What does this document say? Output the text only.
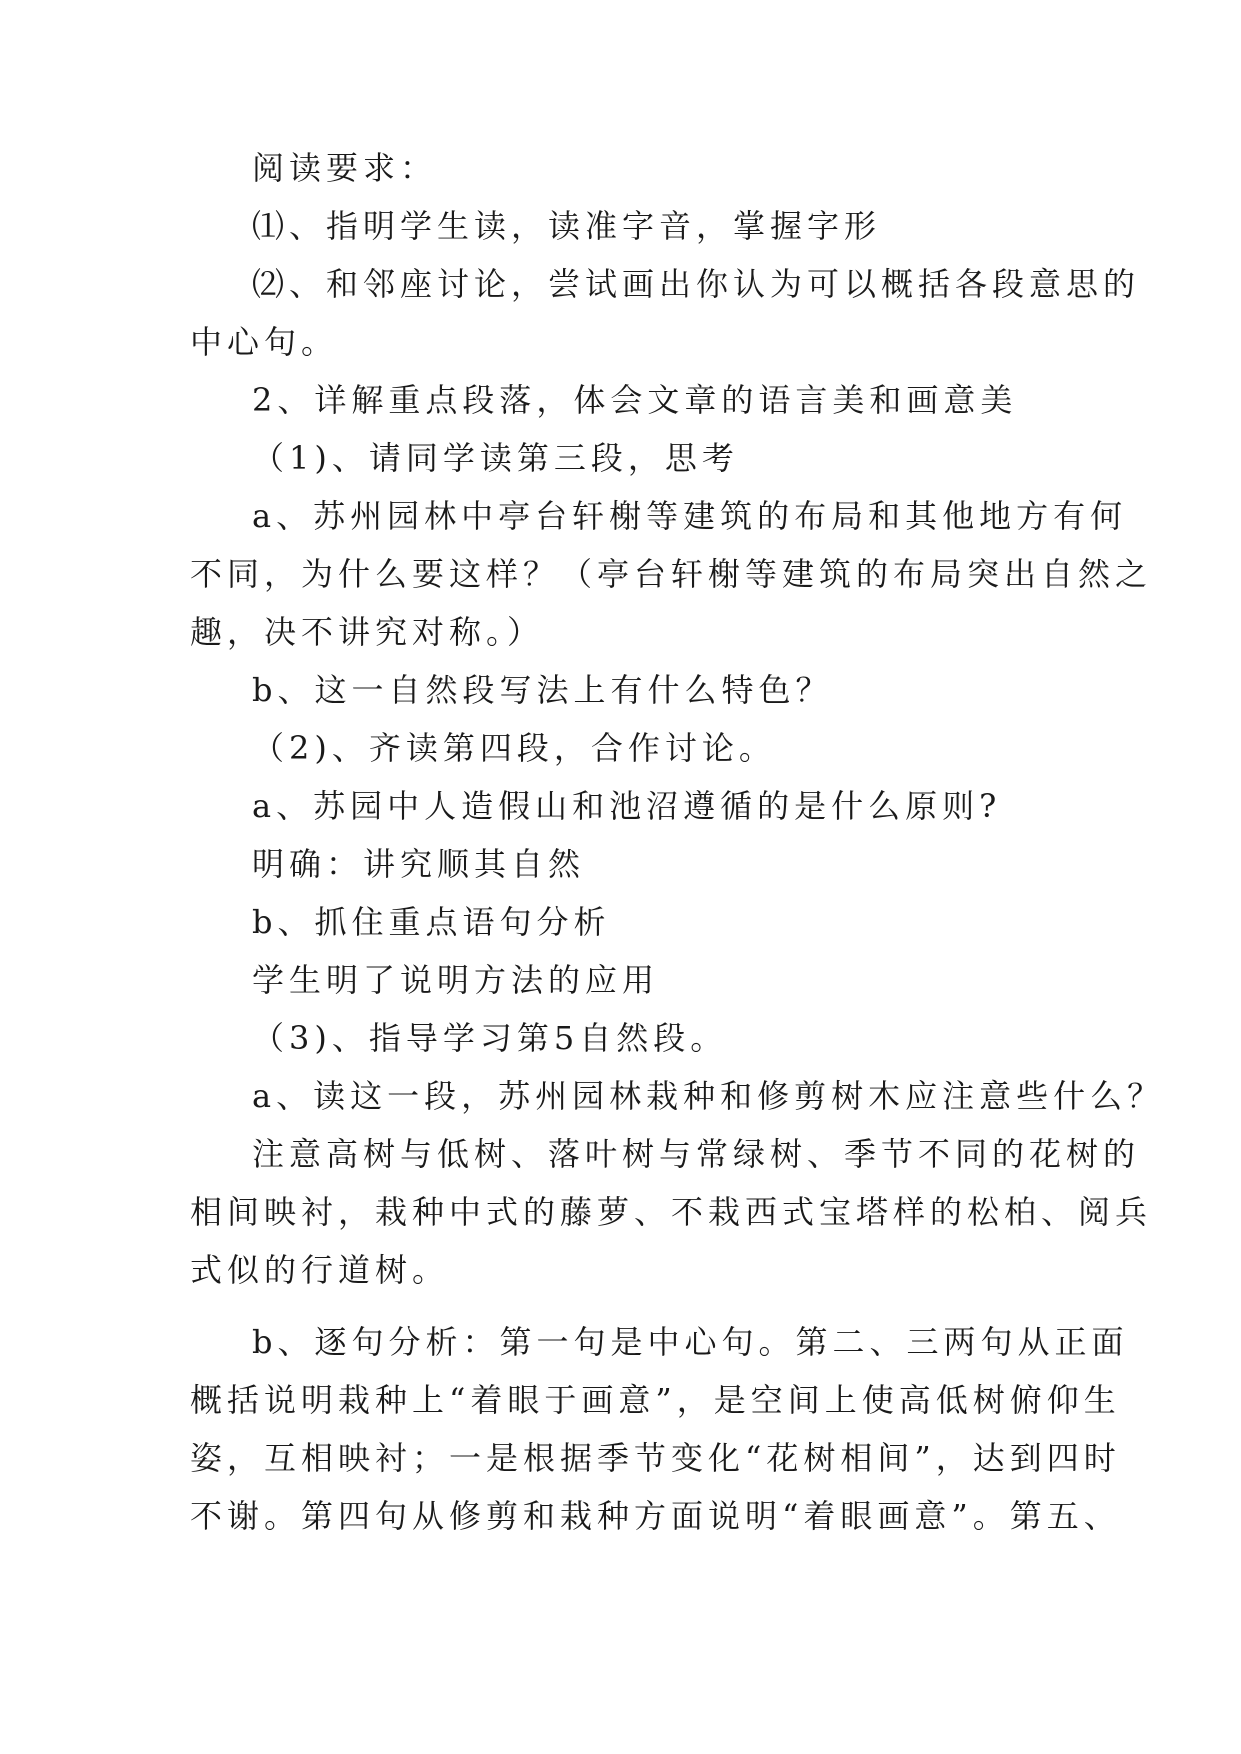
阅读要求：
⑴、指明学生读，读准字音，掌握字形
⑵、和邻座讨论，尝试画出你认为可以概括各段意思的
中心句。
2、详解重点段落，体会文章的语言美和画意美
（1)、请同学读第三段，思考
a、苏州园林中亭台轩榭等建筑的布局和其他地方有何
不同，为什么要这样？（亭台轩榭等建筑的布局突出自然之
趣，决不讲究对称。）
b、这一自然段写法上有什么特色？
（2)、齐读第四段，合作讨论。
a、苏园中人造假山和池沼遵循的是什么原则?
明确：讲究顺其自然
b、抓住重点语句分析
学生明了说明方法的应用
（3)、指导学习第5自然段。
a、读这一段，苏州园林栽种和修剪树木应注意些什么？
注意高树与低树、落叶树与常绿树、季节不同的花树的
相间映衬，栽种中式的藤萝、不栽西式宝塔样的松柏、阅兵
式似的行道树。
b、逐句分析：第一句是中心句。第二、三两句从正面
概括说明栽种上“着眼于画意”，是空间上使高低树俯仰生
姿，互相映衬；一是根据季节变化“花树相间”，达到四时
不谢。第四句从修剪和栽种方面说明“着眼画意”。第五、
